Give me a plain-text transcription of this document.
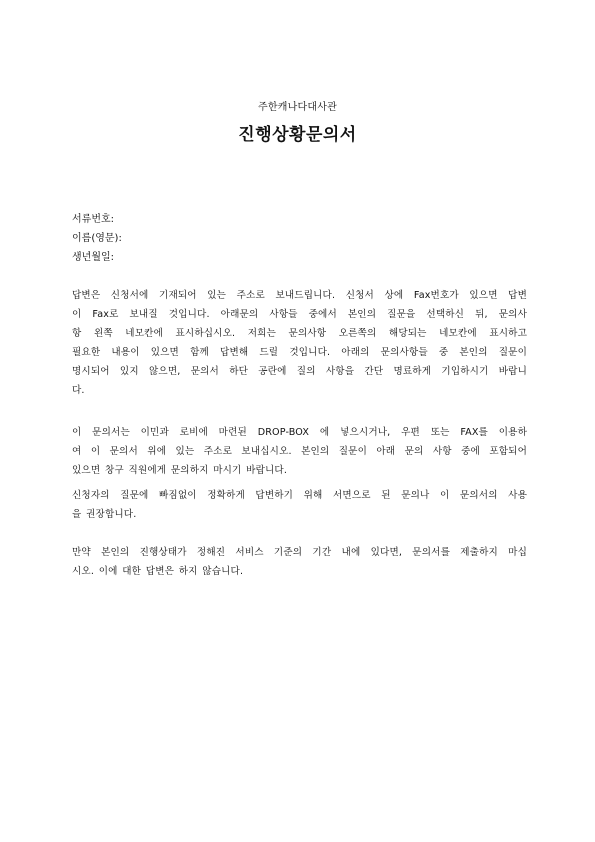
주한캐나다대사관
진행상황문의서
서류번호:
이름(영문):
생년월일:
답변은 신청서에 기재되어 있는 주소로 보내드립니다. 신청서 상에 Fax번호가 있으면 답변
이 Fax로 보내질 것입니다. 아래문의 사항들 중에서 본인의 질문을 선택하신 뒤, 문의사
항 왼쪽 네모칸에 표시하십시오. 저희는 문의사항 오른쪽의 해당되는 네모칸에 표시하고
필요한 내용이 있으면 함께 답변해 드릴 것입니다. 아래의 문의사항들 중 본인의 질문이
명시되어 있지 않으면, 문의서 하단 공란에 질의 사항을 간단 명료하게 기입하시기 바랍니
다.
이 문의서는 이민과 로비에 마련된 DROP-BOX 에 넣으시거나, 우편 또는 FAX를 이용하
여 이 문의서 위에 있는 주소로 보내십시오. 본인의 질문이 아래 문의 사항 중에 포함되어
있으면 창구 직원에게 문의하지 마시기 바랍니다.
신청자의 질문에 빠짐없이 정확하게 답변하기 위해 서면으로 된 문의나 이 문의서의 사용
을 권장합니다.
만약 본인의 진행상태가 정해진 서비스 기준의 기간 내에 있다면, 문의서를 제출하지 마십
시오. 이에 대한 답변은 하지 않습니다.
